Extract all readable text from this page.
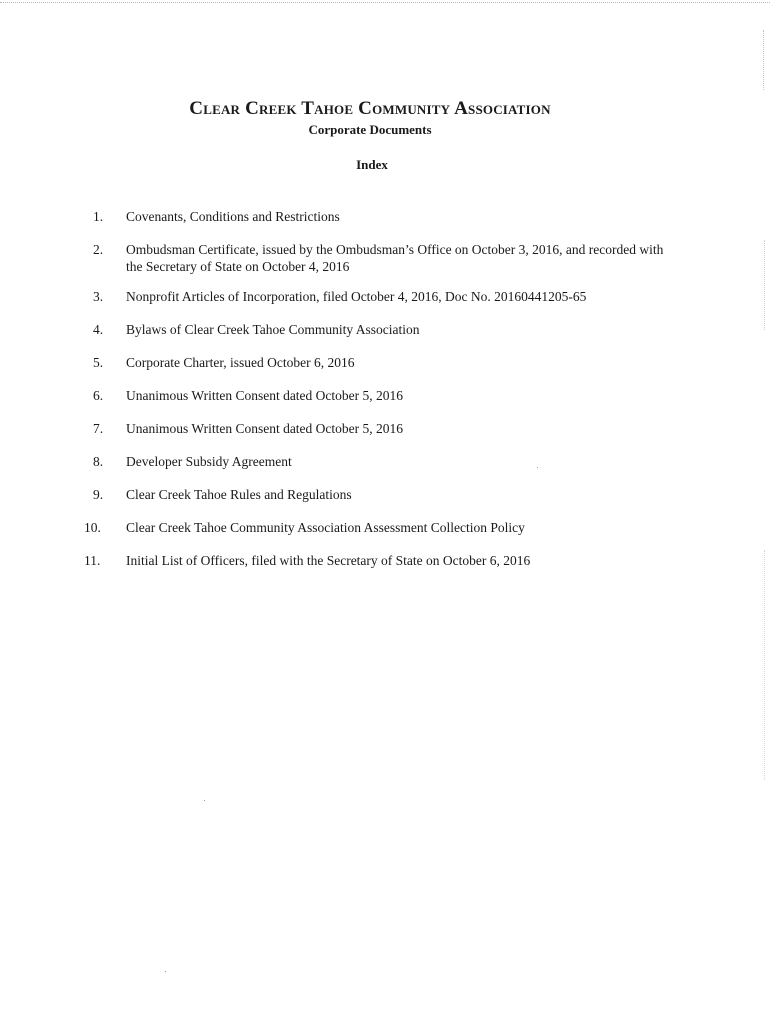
Clear Creek Tahoe Community Association
Corporate Documents
Index
1.	Covenants, Conditions and Restrictions
2.	Ombudsman Certificate, issued by the Ombudsman’s Office on October 3, 2016, and recorded with the Secretary of State on October 4, 2016
3.	Nonprofit Articles of Incorporation, filed October 4, 2016, Doc No. 20160441205-65
4.	Bylaws of Clear Creek Tahoe Community Association
5.	Corporate Charter, issued October 6, 2016
6.	Unanimous Written Consent dated October 5, 2016
7.	Unanimous Written Consent dated October 5, 2016
8.	Developer Subsidy Agreement
9.	Clear Creek Tahoe Rules and Regulations
10.	Clear Creek Tahoe Community Association Assessment Collection Policy
11.	Initial List of Officers, filed with the Secretary of State on October 6, 2016
